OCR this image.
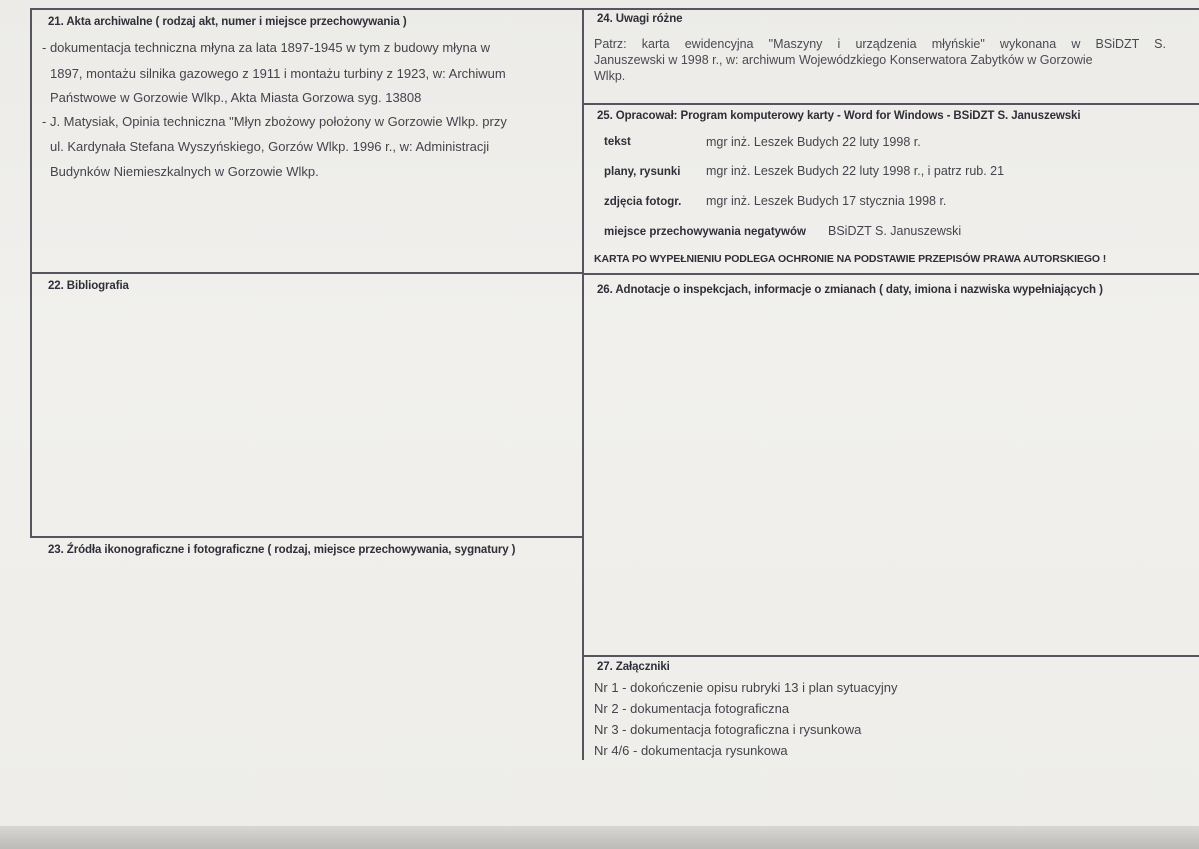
21. Akta archiwalne ( rodzaj akt, numer i miejsce przechowywania )
- dokumentacja techniczna młyna za lata 1897-1945 w tym z budowy młyna w
1897, montażu silnika gazowego z 1911 i montażu turbiny z 1923, w: Archiwum
Państwowe w Gorzowie Wlkp., Akta Miasta Gorzowa syg. 13808
- J. Matysiak, Opinia techniczna "Młyn zbożowy położony w Gorzowie Wlkp. przy
ul. Kardynała Stefana Wyszyńskiego, Gorzów Wlkp. 1996 r., w: Administracji
Budynków Niemieszkalnych w Gorzowie Wlkp.
22. Bibliografia
23. Źródła ikonograficzne i fotograficzne ( rodzaj, miejsce przechowywania, sygnatury )
24. Uwagi różne
Patrz: karta ewidencyjna "Maszyny i urządzenia młyńskie" wykonana w BSiDZT S.
Januszewski w 1998 r., w: archiwum Wojewódzkiego Konserwatora Zabytków w Gorzowie
Wlkp.
25. Opracował: Program komputerowy karty - Word for Windows - BSiDZT S. Januszewski
tekst	mgr inż. Leszek Budych 22 luty 1998 r.
plany, rysunki mgr inż. Leszek Budych 22 luty 1998 r., i patrz rub. 21
zdjęcia fotogr. mgr inż. Leszek Budych 17 stycznia 1998 r.
miejsce przechowywania negatywów BSiDZT S. Januszewski
KARTA PO WYPEŁNIENIU PODLEGA OCHRONIE NA PODSTAWIE PRZEPISÓW PRAWA AUTORSKIEGO !
26. Adnotacje o inspekcjach, informacje o zmianach ( daty, imiona i nazwiska wypełniających )
27. Załączniki
Nr 1 - dokończenie opisu rubryki 13 i plan sytuacyjny
Nr 2 - dokumentacja fotograficzna
Nr 3 - dokumentacja fotograficzna i rysunkowa
Nr 4/6 - dokumentacja rysunkowa
